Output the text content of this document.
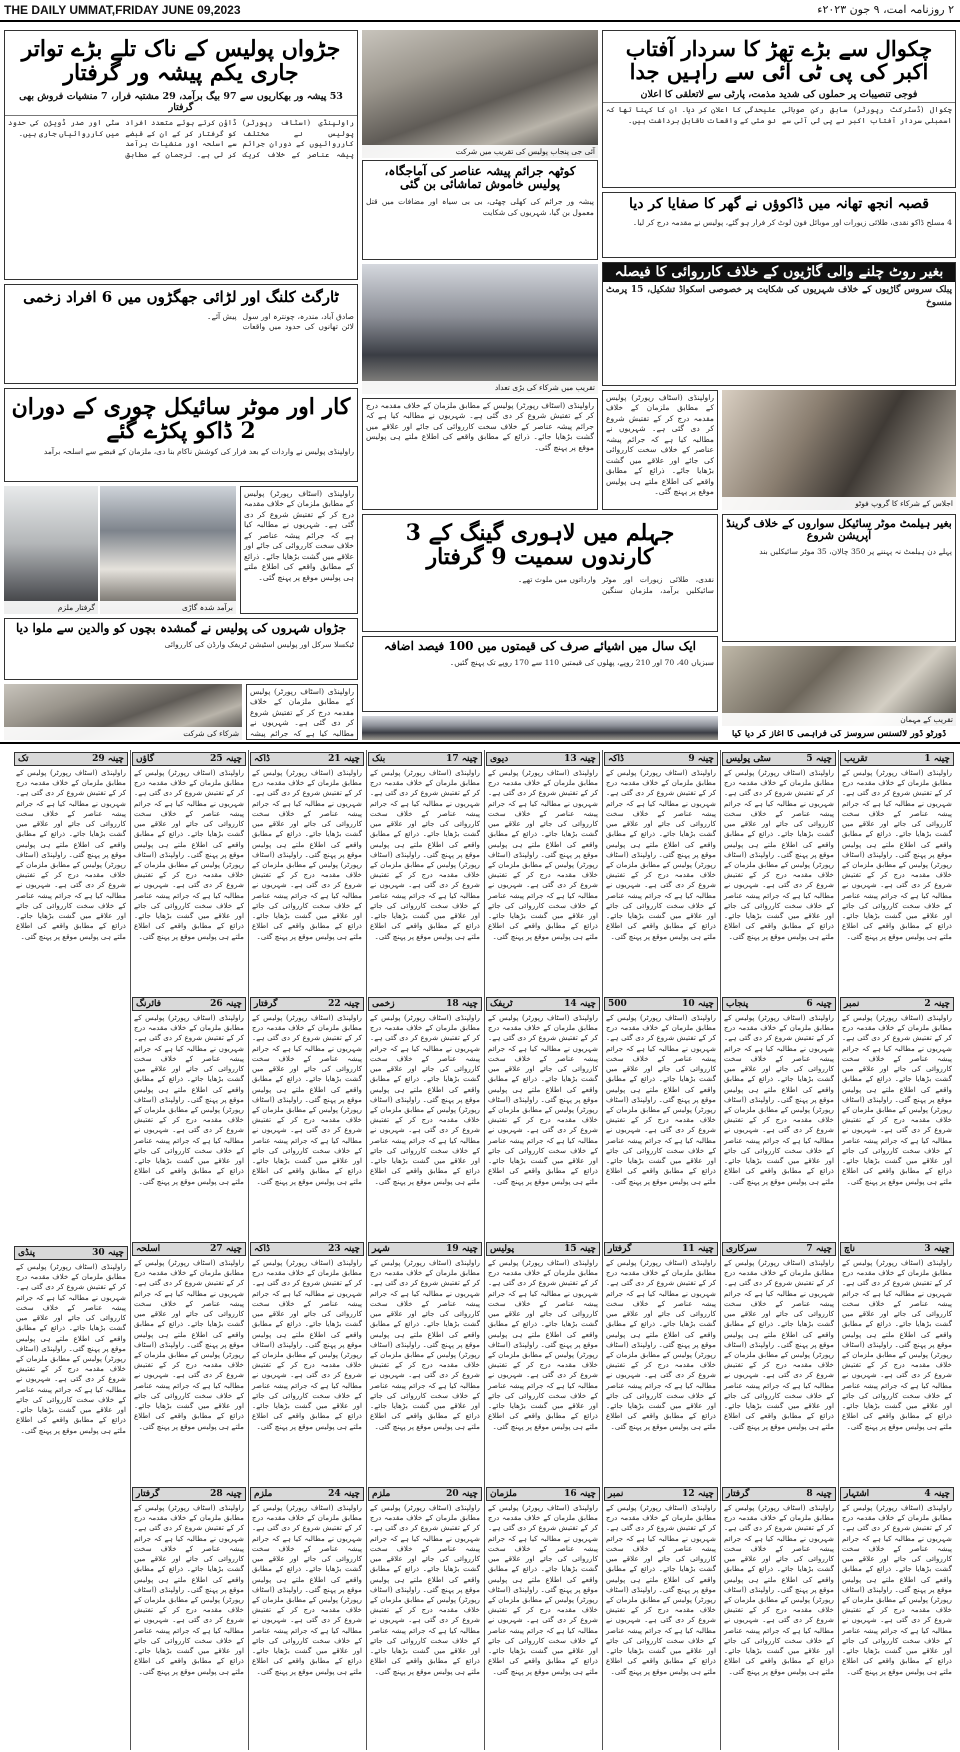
THE DAILY UMMAT,FRIDAY JUNE 09,2023	۲ روزنامہ امت، ۹ جون ۲۰۲۳ء
جڑواں پولیس کے ناک تلے بڑے تواتر جاری یکم پیشہ ور گرفتار
53 پیشہ ور بھکاریوں سے 97 بیگ برآمد، 29 مشتبہ فرار، 7 منشیات فروش بھی گرفتار
راولپنڈی (اسٹاف رپورٹر) پولیس نے مختلف کارروائیوں کے دوران جرائم پیشہ عناصر کے خلاف کریک ڈاؤن کرتے ہوئے متعدد افراد کو گرفتار کر کے ان کے قبضے سے اسلحہ اور منشیات برآمد کر لی ہے۔ ترجمان کے مطابق سٹی اور صدر ڈویژن کی حدود میں کارروائیاں جاری ہیں۔
آئی جی پنجاب پولیس کی تقریب میں شرکت
کوٹھہ جرائم پیشہ عناصر کی آماجگاہ، پولیس خاموش تماشائی بن گئی
پیشہ ور جرائم کی کھلی چھٹی، بی بی سیاہ اور مضافات میں قتل معمول بن گیا، شہریوں کی شکایت
چکوال سے بڑے تھڑ کا سردار آفتاب اکبر کی پی ٹی آئی سے راہیں جدا
فوجی تنصیبات پر حملوں کی شدید مذمت، پارٹی سے لاتعلقی کا اعلان
چکوال (ڈسٹرکٹ رپورٹر) سابق رکن صوبائی اسمبلی سردار آفتاب اکبر نے پی ٹی آئی سے علیحدگی کا اعلان کر دیا۔ ان کا کہنا تھا کہ نو مئی کے واقعات ناقابل برداشت ہیں۔
قصبہ انجھ تھانہ میں ڈاکوؤں نے گھر کا صفایا کر دیا
4 مسلح ڈاکو نقدی، طلائی زیورات اور موبائل فون لوٹ کر فرار ہو گئے، پولیس نے مقدمہ درج کر لیا۔
تقریب میں شرکاء کی بڑی تعداد
بغیر روٹ چلنے والی گاڑیوں کے خلاف کارروائی کا فیصلہ
پبلک سروس گاڑیوں کے خلاف شہریوں کی شکایت پر خصوصی اسکواڈ تشکیل، 15 پرمٹ منسوخ
ٹارگٹ کلنگ اور لڑائی جھگڑوں میں 6 افراد زخمی
صادق آباد، مندرہ، چونترہ اور سول لائن تھانوں کی حدود میں واقعات پیش آئے۔
کار اور موٹر سائیکل چوری کے دوران 2 ڈاکو پکڑے گئے
راولپنڈی پولیس نے واردات کے بعد فرار کی کوشش ناکام بنا دی، ملزمان کے قبضے سے اسلحہ برآمد
اجلاس کے شرکاء کا گروپ فوٹو
راولپنڈی (اسٹاف رپورٹر) پولیس کے مطابق ملزمان کے خلاف مقدمہ درج کر کے تفتیش شروع کر دی گئی ہے۔ شہریوں نے مطالبہ کیا ہے کہ جرائم پیشہ عناصر کے خلاف سخت کارروائی کی جائے اور علاقے میں گشت بڑھایا جائے۔ ذرائع کے مطابق واقعے کی اطلاع ملتے ہی پولیس موقع پر پہنچ گئی۔
راولپنڈی (اسٹاف رپورٹر) پولیس کے مطابق ملزمان کے خلاف مقدمہ درج کر کے تفتیش شروع کر دی گئی ہے۔ شہریوں نے مطالبہ کیا ہے کہ جرائم پیشہ عناصر کے خلاف سخت کارروائی کی جائے اور علاقے میں گشت بڑھایا جائے۔ ذرائع کے مطابق واقعے کی اطلاع ملتے ہی پولیس موقع پر پہنچ گئی۔
گرفتار ملزم	برآمد شدہ گاڑی
راولپنڈی (اسٹاف رپورٹر) پولیس کے مطابق ملزمان کے خلاف مقدمہ درج کر کے تفتیش شروع کر دی گئی ہے۔ شہریوں نے مطالبہ کیا ہے کہ جرائم پیشہ عناصر کے خلاف سخت کارروائی کی جائے اور علاقے میں گشت بڑھایا جائے۔ ذرائع کے مطابق واقعے کی اطلاع ملتے ہی پولیس موقع پر پہنچ گئی۔
جہلم میں لاہوری گینگ کے 3 کارندوں سمیت 9 گرفتار
نقدی، طلائی زیورات اور موٹر سائیکلیں برآمد، ملزمان سنگین وارداتوں میں ملوث تھے۔
بغیر ہیلمٹ موٹر سائیکل سواروں کے خلاف گرینڈ آپریشن شروع
پہلے دن ہیلمٹ نہ پہننے پر 350 چالان، 35 موٹر سائیکلیں بند
جڑواں شہروں کی پولیس نے گمشدہ بچوں کو والدین سے ملوا دیا
ٹیکسلا سرکل اور پولیس اسٹیشن ٹریفک وارڈن کی کارروائی	ایک سال میں اشیائے صرف کی قیمتوں میں 100 فیصد اضافہ
سبزیاں 40، 70 اور 210 روپے، پھلوں کی قیمتیں 110 سے 170 روپے تک پہنچ گئیں۔
تقریب کے مہمان
شرکاء کی شرکت
راولپنڈی (اسٹاف رپورٹر) پولیس کے مطابق ملزمان کے خلاف مقدمہ درج کر کے تفتیش شروع کر دی گئی ہے۔ شہریوں نے مطالبہ کیا ہے کہ جرائم پیشہ	ڈورٹو ڈور لائسنس سروسز کی فراہمی کا آغاز کر دیا گیا
چینہ 1
تقریب
راولپنڈی (اسٹاف رپورٹر) پولیس کے مطابق ملزمان کے خلاف مقدمہ درج کر کے تفتیش شروع کر دی گئی ہے۔ شہریوں نے مطالبہ کیا ہے کہ جرائم پیشہ عناصر کے خلاف سخت کارروائی کی جائے اور علاقے میں گشت بڑھایا جائے۔ ذرائع کے مطابق واقعے کی اطلاع ملتے ہی پولیس موقع پر پہنچ گئی۔ راولپنڈی (اسٹاف رپورٹر) پولیس کے مطابق ملزمان کے خلاف مقدمہ درج کر کے تفتیش شروع کر دی گئی ہے۔ شہریوں نے مطالبہ کیا ہے کہ جرائم پیشہ عناصر کے خلاف سخت کارروائی کی جائے اور علاقے میں گشت بڑھایا جائے۔ ذرائع کے مطابق واقعے کی اطلاع ملتے ہی پولیس موقع پر پہنچ گئی۔
چینہ 2
نمبر
راولپنڈی (اسٹاف رپورٹر) پولیس کے مطابق ملزمان کے خلاف مقدمہ درج کر کے تفتیش شروع کر دی گئی ہے۔ شہریوں نے مطالبہ کیا ہے کہ جرائم پیشہ عناصر کے خلاف سخت کارروائی کی جائے اور علاقے میں گشت بڑھایا جائے۔ ذرائع کے مطابق واقعے کی اطلاع ملتے ہی پولیس موقع پر پہنچ گئی۔ راولپنڈی (اسٹاف رپورٹر) پولیس کے مطابق ملزمان کے خلاف مقدمہ درج کر کے تفتیش شروع کر دی گئی ہے۔ شہریوں نے مطالبہ کیا ہے کہ جرائم پیشہ عناصر کے خلاف سخت کارروائی کی جائے اور علاقے میں گشت بڑھایا جائے۔ ذرائع کے مطابق واقعے کی اطلاع ملتے ہی پولیس موقع پر پہنچ گئی۔
چینہ 3
ناچ
راولپنڈی (اسٹاف رپورٹر) پولیس کے مطابق ملزمان کے خلاف مقدمہ درج کر کے تفتیش شروع کر دی گئی ہے۔ شہریوں نے مطالبہ کیا ہے کہ جرائم پیشہ عناصر کے خلاف سخت کارروائی کی جائے اور علاقے میں گشت بڑھایا جائے۔ ذرائع کے مطابق واقعے کی اطلاع ملتے ہی پولیس موقع پر پہنچ گئی۔ راولپنڈی (اسٹاف رپورٹر) پولیس کے مطابق ملزمان کے خلاف مقدمہ درج کر کے تفتیش شروع کر دی گئی ہے۔ شہریوں نے مطالبہ کیا ہے کہ جرائم پیشہ عناصر کے خلاف سخت کارروائی کی جائے اور علاقے میں گشت بڑھایا جائے۔ ذرائع کے مطابق واقعے کی اطلاع ملتے ہی پولیس موقع پر پہنچ گئی۔
چینہ 4
اشتہار
راولپنڈی (اسٹاف رپورٹر) پولیس کے مطابق ملزمان کے خلاف مقدمہ درج کر کے تفتیش شروع کر دی گئی ہے۔ شہریوں نے مطالبہ کیا ہے کہ جرائم پیشہ عناصر کے خلاف سخت کارروائی کی جائے اور علاقے میں گشت بڑھایا جائے۔ ذرائع کے مطابق واقعے کی اطلاع ملتے ہی پولیس موقع پر پہنچ گئی۔ راولپنڈی (اسٹاف رپورٹر) پولیس کے مطابق ملزمان کے خلاف مقدمہ درج کر کے تفتیش شروع کر دی گئی ہے۔ شہریوں نے مطالبہ کیا ہے کہ جرائم پیشہ عناصر کے خلاف سخت کارروائی کی جائے اور علاقے میں گشت بڑھایا جائے۔ ذرائع کے مطابق واقعے کی اطلاع ملتے ہی پولیس موقع پر پہنچ گئی۔
چینہ 5
سٹی پولیس
راولپنڈی (اسٹاف رپورٹر) پولیس کے مطابق ملزمان کے خلاف مقدمہ درج کر کے تفتیش شروع کر دی گئی ہے۔ شہریوں نے مطالبہ کیا ہے کہ جرائم پیشہ عناصر کے خلاف سخت کارروائی کی جائے اور علاقے میں گشت بڑھایا جائے۔ ذرائع کے مطابق واقعے کی اطلاع ملتے ہی پولیس موقع پر پہنچ گئی۔ راولپنڈی (اسٹاف رپورٹر) پولیس کے مطابق ملزمان کے خلاف مقدمہ درج کر کے تفتیش شروع کر دی گئی ہے۔ شہریوں نے مطالبہ کیا ہے کہ جرائم پیشہ عناصر کے خلاف سخت کارروائی کی جائے اور علاقے میں گشت بڑھایا جائے۔ ذرائع کے مطابق واقعے کی اطلاع ملتے ہی پولیس موقع پر پہنچ گئی۔
چینہ 6
پنجاب
راولپنڈی (اسٹاف رپورٹر) پولیس کے مطابق ملزمان کے خلاف مقدمہ درج کر کے تفتیش شروع کر دی گئی ہے۔ شہریوں نے مطالبہ کیا ہے کہ جرائم پیشہ عناصر کے خلاف سخت کارروائی کی جائے اور علاقے میں گشت بڑھایا جائے۔ ذرائع کے مطابق واقعے کی اطلاع ملتے ہی پولیس موقع پر پہنچ گئی۔ راولپنڈی (اسٹاف رپورٹر) پولیس کے مطابق ملزمان کے خلاف مقدمہ درج کر کے تفتیش شروع کر دی گئی ہے۔ شہریوں نے مطالبہ کیا ہے کہ جرائم پیشہ عناصر کے خلاف سخت کارروائی کی جائے اور علاقے میں گشت بڑھایا جائے۔ ذرائع کے مطابق واقعے کی اطلاع ملتے ہی پولیس موقع پر پہنچ گئی۔
چینہ 7
سرکاری
راولپنڈی (اسٹاف رپورٹر) پولیس کے مطابق ملزمان کے خلاف مقدمہ درج کر کے تفتیش شروع کر دی گئی ہے۔ شہریوں نے مطالبہ کیا ہے کہ جرائم پیشہ عناصر کے خلاف سخت کارروائی کی جائے اور علاقے میں گشت بڑھایا جائے۔ ذرائع کے مطابق واقعے کی اطلاع ملتے ہی پولیس موقع پر پہنچ گئی۔ راولپنڈی (اسٹاف رپورٹر) پولیس کے مطابق ملزمان کے خلاف مقدمہ درج کر کے تفتیش شروع کر دی گئی ہے۔ شہریوں نے مطالبہ کیا ہے کہ جرائم پیشہ عناصر کے خلاف سخت کارروائی کی جائے اور علاقے میں گشت بڑھایا جائے۔ ذرائع کے مطابق واقعے کی اطلاع ملتے ہی پولیس موقع پر پہنچ گئی۔
چینہ 8
گرفتار
راولپنڈی (اسٹاف رپورٹر) پولیس کے مطابق ملزمان کے خلاف مقدمہ درج کر کے تفتیش شروع کر دی گئی ہے۔ شہریوں نے مطالبہ کیا ہے کہ جرائم پیشہ عناصر کے خلاف سخت کارروائی کی جائے اور علاقے میں گشت بڑھایا جائے۔ ذرائع کے مطابق واقعے کی اطلاع ملتے ہی پولیس موقع پر پہنچ گئی۔ راولپنڈی (اسٹاف رپورٹر) پولیس کے مطابق ملزمان کے خلاف مقدمہ درج کر کے تفتیش شروع کر دی گئی ہے۔ شہریوں نے مطالبہ کیا ہے کہ جرائم پیشہ عناصر کے خلاف سخت کارروائی کی جائے اور علاقے میں گشت بڑھایا جائے۔ ذرائع کے مطابق واقعے کی اطلاع ملتے ہی پولیس موقع پر پہنچ گئی۔
چینہ 9
ڈاکہ
راولپنڈی (اسٹاف رپورٹر) پولیس کے مطابق ملزمان کے خلاف مقدمہ درج کر کے تفتیش شروع کر دی گئی ہے۔ شہریوں نے مطالبہ کیا ہے کہ جرائم پیشہ عناصر کے خلاف سخت کارروائی کی جائے اور علاقے میں گشت بڑھایا جائے۔ ذرائع کے مطابق واقعے کی اطلاع ملتے ہی پولیس موقع پر پہنچ گئی۔ راولپنڈی (اسٹاف رپورٹر) پولیس کے مطابق ملزمان کے خلاف مقدمہ درج کر کے تفتیش شروع کر دی گئی ہے۔ شہریوں نے مطالبہ کیا ہے کہ جرائم پیشہ عناصر کے خلاف سخت کارروائی کی جائے اور علاقے میں گشت بڑھایا جائے۔ ذرائع کے مطابق واقعے کی اطلاع ملتے ہی پولیس موقع پر پہنچ گئی۔
چینہ 10
500
راولپنڈی (اسٹاف رپورٹر) پولیس کے مطابق ملزمان کے خلاف مقدمہ درج کر کے تفتیش شروع کر دی گئی ہے۔ شہریوں نے مطالبہ کیا ہے کہ جرائم پیشہ عناصر کے خلاف سخت کارروائی کی جائے اور علاقے میں گشت بڑھایا جائے۔ ذرائع کے مطابق واقعے کی اطلاع ملتے ہی پولیس موقع پر پہنچ گئی۔ راولپنڈی (اسٹاف رپورٹر) پولیس کے مطابق ملزمان کے خلاف مقدمہ درج کر کے تفتیش شروع کر دی گئی ہے۔ شہریوں نے مطالبہ کیا ہے کہ جرائم پیشہ عناصر کے خلاف سخت کارروائی کی جائے اور علاقے میں گشت بڑھایا جائے۔ ذرائع کے مطابق واقعے کی اطلاع ملتے ہی پولیس موقع پر پہنچ گئی۔
چینہ 11
گرفتار
راولپنڈی (اسٹاف رپورٹر) پولیس کے مطابق ملزمان کے خلاف مقدمہ درج کر کے تفتیش شروع کر دی گئی ہے۔ شہریوں نے مطالبہ کیا ہے کہ جرائم پیشہ عناصر کے خلاف سخت کارروائی کی جائے اور علاقے میں گشت بڑھایا جائے۔ ذرائع کے مطابق واقعے کی اطلاع ملتے ہی پولیس موقع پر پہنچ گئی۔ راولپنڈی (اسٹاف رپورٹر) پولیس کے مطابق ملزمان کے خلاف مقدمہ درج کر کے تفتیش شروع کر دی گئی ہے۔ شہریوں نے مطالبہ کیا ہے کہ جرائم پیشہ عناصر کے خلاف سخت کارروائی کی جائے اور علاقے میں گشت بڑھایا جائے۔ ذرائع کے مطابق واقعے کی اطلاع ملتے ہی پولیس موقع پر پہنچ گئی۔
چینہ 12
نمبر
راولپنڈی (اسٹاف رپورٹر) پولیس کے مطابق ملزمان کے خلاف مقدمہ درج کر کے تفتیش شروع کر دی گئی ہے۔ شہریوں نے مطالبہ کیا ہے کہ جرائم پیشہ عناصر کے خلاف سخت کارروائی کی جائے اور علاقے میں گشت بڑھایا جائے۔ ذرائع کے مطابق واقعے کی اطلاع ملتے ہی پولیس موقع پر پہنچ گئی۔ راولپنڈی (اسٹاف رپورٹر) پولیس کے مطابق ملزمان کے خلاف مقدمہ درج کر کے تفتیش شروع کر دی گئی ہے۔ شہریوں نے مطالبہ کیا ہے کہ جرائم پیشہ عناصر کے خلاف سخت کارروائی کی جائے اور علاقے میں گشت بڑھایا جائے۔ ذرائع کے مطابق واقعے کی اطلاع ملتے ہی پولیس موقع پر پہنچ گئی۔
چینہ 13
دیوی
راولپنڈی (اسٹاف رپورٹر) پولیس کے مطابق ملزمان کے خلاف مقدمہ درج کر کے تفتیش شروع کر دی گئی ہے۔ شہریوں نے مطالبہ کیا ہے کہ جرائم پیشہ عناصر کے خلاف سخت کارروائی کی جائے اور علاقے میں گشت بڑھایا جائے۔ ذرائع کے مطابق واقعے کی اطلاع ملتے ہی پولیس موقع پر پہنچ گئی۔ راولپنڈی (اسٹاف رپورٹر) پولیس کے مطابق ملزمان کے خلاف مقدمہ درج کر کے تفتیش شروع کر دی گئی ہے۔ شہریوں نے مطالبہ کیا ہے کہ جرائم پیشہ عناصر کے خلاف سخت کارروائی کی جائے اور علاقے میں گشت بڑھایا جائے۔ ذرائع کے مطابق واقعے کی اطلاع ملتے ہی پولیس موقع پر پہنچ گئی۔
چینہ 14
ٹریفک
راولپنڈی (اسٹاف رپورٹر) پولیس کے مطابق ملزمان کے خلاف مقدمہ درج کر کے تفتیش شروع کر دی گئی ہے۔ شہریوں نے مطالبہ کیا ہے کہ جرائم پیشہ عناصر کے خلاف سخت کارروائی کی جائے اور علاقے میں گشت بڑھایا جائے۔ ذرائع کے مطابق واقعے کی اطلاع ملتے ہی پولیس موقع پر پہنچ گئی۔ راولپنڈی (اسٹاف رپورٹر) پولیس کے مطابق ملزمان کے خلاف مقدمہ درج کر کے تفتیش شروع کر دی گئی ہے۔ شہریوں نے مطالبہ کیا ہے کہ جرائم پیشہ عناصر کے خلاف سخت کارروائی کی جائے اور علاقے میں گشت بڑھایا جائے۔ ذرائع کے مطابق واقعے کی اطلاع ملتے ہی پولیس موقع پر پہنچ گئی۔
چینہ 15
پولیس
راولپنڈی (اسٹاف رپورٹر) پولیس کے مطابق ملزمان کے خلاف مقدمہ درج کر کے تفتیش شروع کر دی گئی ہے۔ شہریوں نے مطالبہ کیا ہے کہ جرائم پیشہ عناصر کے خلاف سخت کارروائی کی جائے اور علاقے میں گشت بڑھایا جائے۔ ذرائع کے مطابق واقعے کی اطلاع ملتے ہی پولیس موقع پر پہنچ گئی۔ راولپنڈی (اسٹاف رپورٹر) پولیس کے مطابق ملزمان کے خلاف مقدمہ درج کر کے تفتیش شروع کر دی گئی ہے۔ شہریوں نے مطالبہ کیا ہے کہ جرائم پیشہ عناصر کے خلاف سخت کارروائی کی جائے اور علاقے میں گشت بڑھایا جائے۔ ذرائع کے مطابق واقعے کی اطلاع ملتے ہی پولیس موقع پر پہنچ گئی۔
چینہ 16
ملزمان
راولپنڈی (اسٹاف رپورٹر) پولیس کے مطابق ملزمان کے خلاف مقدمہ درج کر کے تفتیش شروع کر دی گئی ہے۔ شہریوں نے مطالبہ کیا ہے کہ جرائم پیشہ عناصر کے خلاف سخت کارروائی کی جائے اور علاقے میں گشت بڑھایا جائے۔ ذرائع کے مطابق واقعے کی اطلاع ملتے ہی پولیس موقع پر پہنچ گئی۔ راولپنڈی (اسٹاف رپورٹر) پولیس کے مطابق ملزمان کے خلاف مقدمہ درج کر کے تفتیش شروع کر دی گئی ہے۔ شہریوں نے مطالبہ کیا ہے کہ جرائم پیشہ عناصر کے خلاف سخت کارروائی کی جائے اور علاقے میں گشت بڑھایا جائے۔ ذرائع کے مطابق واقعے کی اطلاع ملتے ہی پولیس موقع پر پہنچ گئی۔
چینہ 17
بنک
راولپنڈی (اسٹاف رپورٹر) پولیس کے مطابق ملزمان کے خلاف مقدمہ درج کر کے تفتیش شروع کر دی گئی ہے۔ شہریوں نے مطالبہ کیا ہے کہ جرائم پیشہ عناصر کے خلاف سخت کارروائی کی جائے اور علاقے میں گشت بڑھایا جائے۔ ذرائع کے مطابق واقعے کی اطلاع ملتے ہی پولیس موقع پر پہنچ گئی۔ راولپنڈی (اسٹاف رپورٹر) پولیس کے مطابق ملزمان کے خلاف مقدمہ درج کر کے تفتیش شروع کر دی گئی ہے۔ شہریوں نے مطالبہ کیا ہے کہ جرائم پیشہ عناصر کے خلاف سخت کارروائی کی جائے اور علاقے میں گشت بڑھایا جائے۔ ذرائع کے مطابق واقعے کی اطلاع ملتے ہی پولیس موقع پر پہنچ گئی۔
چینہ 18
زخمی
راولپنڈی (اسٹاف رپورٹر) پولیس کے مطابق ملزمان کے خلاف مقدمہ درج کر کے تفتیش شروع کر دی گئی ہے۔ شہریوں نے مطالبہ کیا ہے کہ جرائم پیشہ عناصر کے خلاف سخت کارروائی کی جائے اور علاقے میں گشت بڑھایا جائے۔ ذرائع کے مطابق واقعے کی اطلاع ملتے ہی پولیس موقع پر پہنچ گئی۔ راولپنڈی (اسٹاف رپورٹر) پولیس کے مطابق ملزمان کے خلاف مقدمہ درج کر کے تفتیش شروع کر دی گئی ہے۔ شہریوں نے مطالبہ کیا ہے کہ جرائم پیشہ عناصر کے خلاف سخت کارروائی کی جائے اور علاقے میں گشت بڑھایا جائے۔ ذرائع کے مطابق واقعے کی اطلاع ملتے ہی پولیس موقع پر پہنچ گئی۔
چینہ 19
شہر
راولپنڈی (اسٹاف رپورٹر) پولیس کے مطابق ملزمان کے خلاف مقدمہ درج کر کے تفتیش شروع کر دی گئی ہے۔ شہریوں نے مطالبہ کیا ہے کہ جرائم پیشہ عناصر کے خلاف سخت کارروائی کی جائے اور علاقے میں گشت بڑھایا جائے۔ ذرائع کے مطابق واقعے کی اطلاع ملتے ہی پولیس موقع پر پہنچ گئی۔ راولپنڈی (اسٹاف رپورٹر) پولیس کے مطابق ملزمان کے خلاف مقدمہ درج کر کے تفتیش شروع کر دی گئی ہے۔ شہریوں نے مطالبہ کیا ہے کہ جرائم پیشہ عناصر کے خلاف سخت کارروائی کی جائے اور علاقے میں گشت بڑھایا جائے۔ ذرائع کے مطابق واقعے کی اطلاع ملتے ہی پولیس موقع پر پہنچ گئی۔
چینہ 20
ملزم
راولپنڈی (اسٹاف رپورٹر) پولیس کے مطابق ملزمان کے خلاف مقدمہ درج کر کے تفتیش شروع کر دی گئی ہے۔ شہریوں نے مطالبہ کیا ہے کہ جرائم پیشہ عناصر کے خلاف سخت کارروائی کی جائے اور علاقے میں گشت بڑھایا جائے۔ ذرائع کے مطابق واقعے کی اطلاع ملتے ہی پولیس موقع پر پہنچ گئی۔ راولپنڈی (اسٹاف رپورٹر) پولیس کے مطابق ملزمان کے خلاف مقدمہ درج کر کے تفتیش شروع کر دی گئی ہے۔ شہریوں نے مطالبہ کیا ہے کہ جرائم پیشہ عناصر کے خلاف سخت کارروائی کی جائے اور علاقے میں گشت بڑھایا جائے۔ ذرائع کے مطابق واقعے کی اطلاع ملتے ہی پولیس موقع پر پہنچ گئی۔
چینہ 21
ڈاکہ
راولپنڈی (اسٹاف رپورٹر) پولیس کے مطابق ملزمان کے خلاف مقدمہ درج کر کے تفتیش شروع کر دی گئی ہے۔ شہریوں نے مطالبہ کیا ہے کہ جرائم پیشہ عناصر کے خلاف سخت کارروائی کی جائے اور علاقے میں گشت بڑھایا جائے۔ ذرائع کے مطابق واقعے کی اطلاع ملتے ہی پولیس موقع پر پہنچ گئی۔ راولپنڈی (اسٹاف رپورٹر) پولیس کے مطابق ملزمان کے خلاف مقدمہ درج کر کے تفتیش شروع کر دی گئی ہے۔ شہریوں نے مطالبہ کیا ہے کہ جرائم پیشہ عناصر کے خلاف سخت کارروائی کی جائے اور علاقے میں گشت بڑھایا جائے۔ ذرائع کے مطابق واقعے کی اطلاع ملتے ہی پولیس موقع پر پہنچ گئی۔
چینہ 22
گرفتار
راولپنڈی (اسٹاف رپورٹر) پولیس کے مطابق ملزمان کے خلاف مقدمہ درج کر کے تفتیش شروع کر دی گئی ہے۔ شہریوں نے مطالبہ کیا ہے کہ جرائم پیشہ عناصر کے خلاف سخت کارروائی کی جائے اور علاقے میں گشت بڑھایا جائے۔ ذرائع کے مطابق واقعے کی اطلاع ملتے ہی پولیس موقع پر پہنچ گئی۔ راولپنڈی (اسٹاف رپورٹر) پولیس کے مطابق ملزمان کے خلاف مقدمہ درج کر کے تفتیش شروع کر دی گئی ہے۔ شہریوں نے مطالبہ کیا ہے کہ جرائم پیشہ عناصر کے خلاف سخت کارروائی کی جائے اور علاقے میں گشت بڑھایا جائے۔ ذرائع کے مطابق واقعے کی اطلاع ملتے ہی پولیس موقع پر پہنچ گئی۔
چینہ 23
ڈاکہ
راولپنڈی (اسٹاف رپورٹر) پولیس کے مطابق ملزمان کے خلاف مقدمہ درج کر کے تفتیش شروع کر دی گئی ہے۔ شہریوں نے مطالبہ کیا ہے کہ جرائم پیشہ عناصر کے خلاف سخت کارروائی کی جائے اور علاقے میں گشت بڑھایا جائے۔ ذرائع کے مطابق واقعے کی اطلاع ملتے ہی پولیس موقع پر پہنچ گئی۔ راولپنڈی (اسٹاف رپورٹر) پولیس کے مطابق ملزمان کے خلاف مقدمہ درج کر کے تفتیش شروع کر دی گئی ہے۔ شہریوں نے مطالبہ کیا ہے کہ جرائم پیشہ عناصر کے خلاف سخت کارروائی کی جائے اور علاقے میں گشت بڑھایا جائے۔ ذرائع کے مطابق واقعے کی اطلاع ملتے ہی پولیس موقع پر پہنچ گئی۔
چینہ 24
ملزم
راولپنڈی (اسٹاف رپورٹر) پولیس کے مطابق ملزمان کے خلاف مقدمہ درج کر کے تفتیش شروع کر دی گئی ہے۔ شہریوں نے مطالبہ کیا ہے کہ جرائم پیشہ عناصر کے خلاف سخت کارروائی کی جائے اور علاقے میں گشت بڑھایا جائے۔ ذرائع کے مطابق واقعے کی اطلاع ملتے ہی پولیس موقع پر پہنچ گئی۔ راولپنڈی (اسٹاف رپورٹر) پولیس کے مطابق ملزمان کے خلاف مقدمہ درج کر کے تفتیش شروع کر دی گئی ہے۔ شہریوں نے مطالبہ کیا ہے کہ جرائم پیشہ عناصر کے خلاف سخت کارروائی کی جائے اور علاقے میں گشت بڑھایا جائے۔ ذرائع کے مطابق واقعے کی اطلاع ملتے ہی پولیس موقع پر پہنچ گئی۔
چینہ 25
گاؤں
راولپنڈی (اسٹاف رپورٹر) پولیس کے مطابق ملزمان کے خلاف مقدمہ درج کر کے تفتیش شروع کر دی گئی ہے۔ شہریوں نے مطالبہ کیا ہے کہ جرائم پیشہ عناصر کے خلاف سخت کارروائی کی جائے اور علاقے میں گشت بڑھایا جائے۔ ذرائع کے مطابق واقعے کی اطلاع ملتے ہی پولیس موقع پر پہنچ گئی۔ راولپنڈی (اسٹاف رپورٹر) پولیس کے مطابق ملزمان کے خلاف مقدمہ درج کر کے تفتیش شروع کر دی گئی ہے۔ شہریوں نے مطالبہ کیا ہے کہ جرائم پیشہ عناصر کے خلاف سخت کارروائی کی جائے اور علاقے میں گشت بڑھایا جائے۔ ذرائع کے مطابق واقعے کی اطلاع ملتے ہی پولیس موقع پر پہنچ گئی۔
چینہ 26
فائرنگ
راولپنڈی (اسٹاف رپورٹر) پولیس کے مطابق ملزمان کے خلاف مقدمہ درج کر کے تفتیش شروع کر دی گئی ہے۔ شہریوں نے مطالبہ کیا ہے کہ جرائم پیشہ عناصر کے خلاف سخت کارروائی کی جائے اور علاقے میں گشت بڑھایا جائے۔ ذرائع کے مطابق واقعے کی اطلاع ملتے ہی پولیس موقع پر پہنچ گئی۔ راولپنڈی (اسٹاف رپورٹر) پولیس کے مطابق ملزمان کے خلاف مقدمہ درج کر کے تفتیش شروع کر دی گئی ہے۔ شہریوں نے مطالبہ کیا ہے کہ جرائم پیشہ عناصر کے خلاف سخت کارروائی کی جائے اور علاقے میں گشت بڑھایا جائے۔ ذرائع کے مطابق واقعے کی اطلاع ملتے ہی پولیس موقع پر پہنچ گئی۔
چینہ 27
اسلحہ
راولپنڈی (اسٹاف رپورٹر) پولیس کے مطابق ملزمان کے خلاف مقدمہ درج کر کے تفتیش شروع کر دی گئی ہے۔ شہریوں نے مطالبہ کیا ہے کہ جرائم پیشہ عناصر کے خلاف سخت کارروائی کی جائے اور علاقے میں گشت بڑھایا جائے۔ ذرائع کے مطابق واقعے کی اطلاع ملتے ہی پولیس موقع پر پہنچ گئی۔ راولپنڈی (اسٹاف رپورٹر) پولیس کے مطابق ملزمان کے خلاف مقدمہ درج کر کے تفتیش شروع کر دی گئی ہے۔ شہریوں نے مطالبہ کیا ہے کہ جرائم پیشہ عناصر کے خلاف سخت کارروائی کی جائے اور علاقے میں گشت بڑھایا جائے۔ ذرائع کے مطابق واقعے کی اطلاع ملتے ہی پولیس موقع پر پہنچ گئی۔
چینہ 28
گرفتار
راولپنڈی (اسٹاف رپورٹر) پولیس کے مطابق ملزمان کے خلاف مقدمہ درج کر کے تفتیش شروع کر دی گئی ہے۔ شہریوں نے مطالبہ کیا ہے کہ جرائم پیشہ عناصر کے خلاف سخت کارروائی کی جائے اور علاقے میں گشت بڑھایا جائے۔ ذرائع کے مطابق واقعے کی اطلاع ملتے ہی پولیس موقع پر پہنچ گئی۔ راولپنڈی (اسٹاف رپورٹر) پولیس کے مطابق ملزمان کے خلاف مقدمہ درج کر کے تفتیش شروع کر دی گئی ہے۔ شہریوں نے مطالبہ کیا ہے کہ جرائم پیشہ عناصر کے خلاف سخت کارروائی کی جائے اور علاقے میں گشت بڑھایا جائے۔ ذرائع کے مطابق واقعے کی اطلاع ملتے ہی پولیس موقع پر پہنچ گئی۔
چینہ 29
تک
راولپنڈی (اسٹاف رپورٹر) پولیس کے مطابق ملزمان کے خلاف مقدمہ درج کر کے تفتیش شروع کر دی گئی ہے۔ شہریوں نے مطالبہ کیا ہے کہ جرائم پیشہ عناصر کے خلاف سخت کارروائی کی جائے اور علاقے میں گشت بڑھایا جائے۔ ذرائع کے مطابق واقعے کی اطلاع ملتے ہی پولیس موقع پر پہنچ گئی۔ راولپنڈی (اسٹاف رپورٹر) پولیس کے مطابق ملزمان کے خلاف مقدمہ درج کر کے تفتیش شروع کر دی گئی ہے۔ شہریوں نے مطالبہ کیا ہے کہ جرائم پیشہ عناصر کے خلاف سخت کارروائی کی جائے اور علاقے میں گشت بڑھایا جائے۔ ذرائع کے مطابق واقعے کی اطلاع ملتے ہی پولیس موقع پر پہنچ گئی۔
چینہ 30
پنڈی
راولپنڈی (اسٹاف رپورٹر) پولیس کے مطابق ملزمان کے خلاف مقدمہ درج کر کے تفتیش شروع کر دی گئی ہے۔ شہریوں نے مطالبہ کیا ہے کہ جرائم پیشہ عناصر کے خلاف سخت کارروائی کی جائے اور علاقے میں گشت بڑھایا جائے۔ ذرائع کے مطابق واقعے کی اطلاع ملتے ہی پولیس موقع پر پہنچ گئی۔ راولپنڈی (اسٹاف رپورٹر) پولیس کے مطابق ملزمان کے خلاف مقدمہ درج کر کے تفتیش شروع کر دی گئی ہے۔ شہریوں نے مطالبہ کیا ہے کہ جرائم پیشہ عناصر کے خلاف سخت کارروائی کی جائے اور علاقے میں گشت بڑھایا جائے۔ ذرائع کے مطابق واقعے کی اطلاع ملتے ہی پولیس موقع پر پہنچ گئی۔
